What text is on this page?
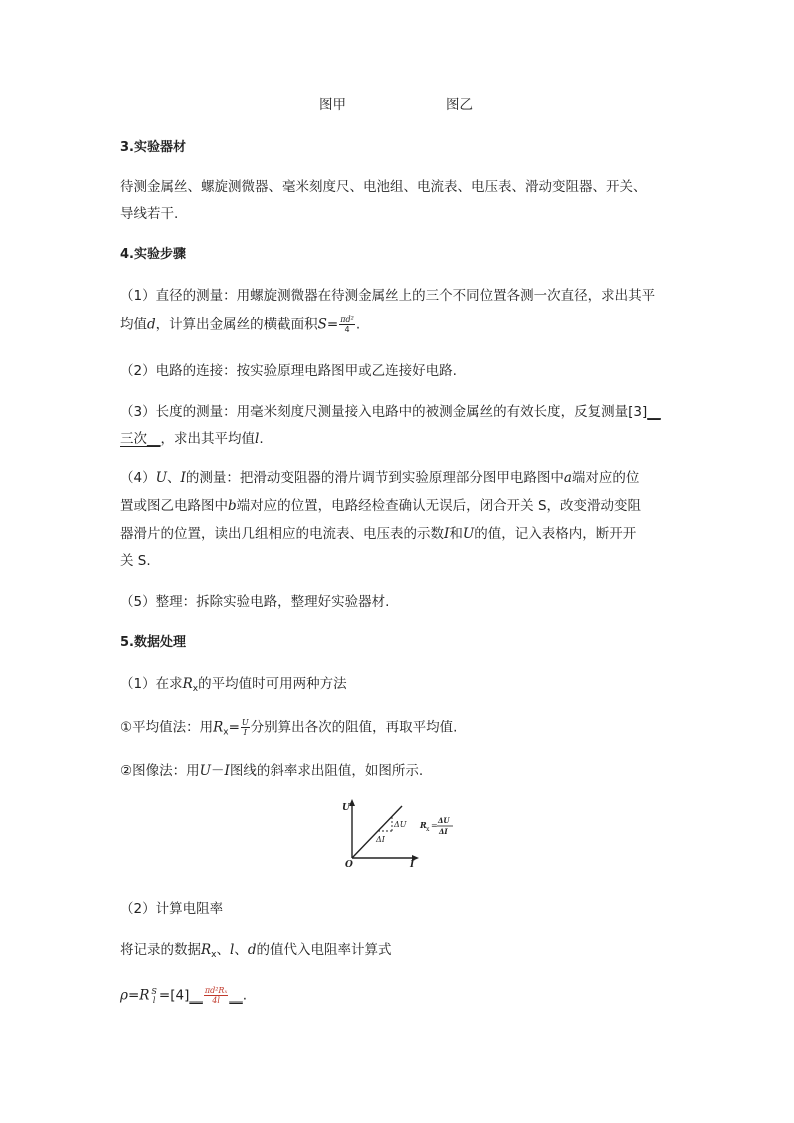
图甲	图乙
3.实验器材
待测金属丝、螺旋测微器、毫米刻度尺、电池组、电流表、电压表、滑动变阻器、开关、
导线若干.
4.实验步骤
（1）直径的测量：用螺旋测微器在待测金属丝上的三个不同位置各测一次直径，求出其平
均值d，计算出金属丝的横截面积$S= \frac{\text{πd²}}{4}$ .
（2）电路的连接：按实验原理电路图甲或乙连接好电路.
（3）长度的测量：用毫米刻度尺测量接入电路中的被测金属丝的有效长度，反复测量[3]__
三次__，求出其平均值l.
（4）U、I的测量：把滑动变阻器的滑片调节到实验原理部分图甲电路图中a端对应的位
置或图乙电路图中b端对应的位置，电路经检查确认无误后，闭合开关 S，改变滑动变阻
器滑片的位置，读出几组相应的电流表、电压表的示数I和U的值，记入表格内，断开开
关 S.
（5）整理：拆除实验电路，整理好实验器材.
5.数据处理
（1）在求$R_x$的平均值时可用两种方法
①平均值法：用$R_x= \frac{U}{I}$ 分别算出各次的阻值，再取平均值.
②图像法：用U－I图线的斜率求出阻值，如图所示.
U
I
O
ΔU
ΔI
R x =
ΔU
ΔI
（2）计算电阻率
将记录的数据$R_x$、l、d的值代入电阻率计算式
ρ=R S
l =[4]__ $\frac{\text{πd²Rₓ}}{4l}$ __.
